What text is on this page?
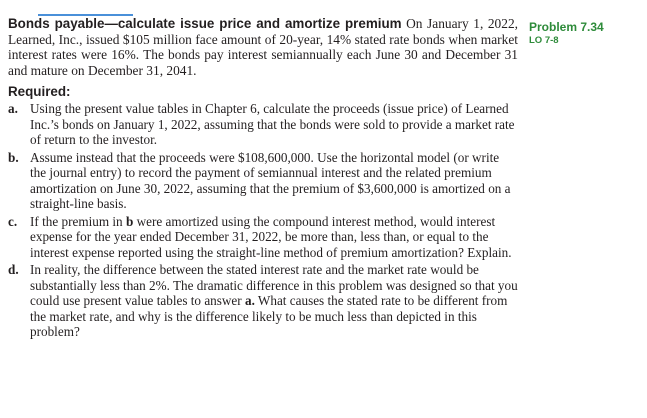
Bonds payable—calculate issue price and amortize premium On January 1, 2022, Learned, Inc., issued $105 million face amount of 20-year, 14% stated rate bonds when market interest rates were 16%. The bonds pay interest semiannually each June 30 and December 31 and mature on December 31, 2041.

Required:
a. Using the present value tables in Chapter 6, calculate the proceeds (issue price) of Learned Inc.’s bonds on January 1, 2022, assuming that the bonds were sold to provide a market rate of return to the investor.
b. Assume instead that the proceeds were $108,600,000. Use the horizontal model (or write the journal entry) to record the payment of semiannual interest and the related premium amortization on June 30, 2022, assuming that the premium of $3,600,000 is amortized on a straight-line basis.
c. If the premium in b were amortized using the compound interest method, would interest expense for the year ended December 31, 2022, be more than, less than, or equal to the interest expense reported using the straight-line method of premium amortization? Explain.
d. In reality, the difference between the stated interest rate and the market rate would be substantially less than 2%. The dramatic difference in this problem was designed so that you could use present value tables to answer a. What causes the stated rate to be different from the market rate, and why is the difference likely to be much less than depicted in this problem?
Problem 7.34
LO 7-8
